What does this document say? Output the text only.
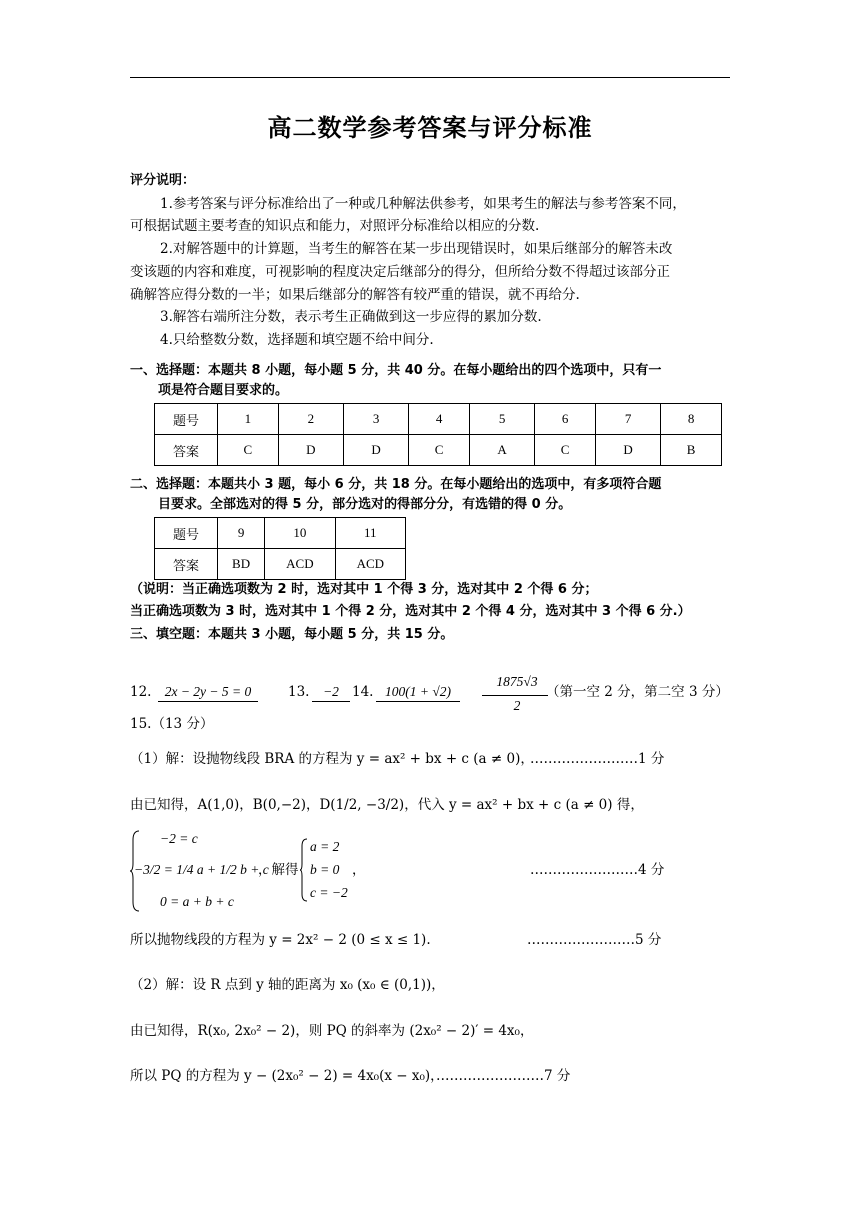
高二数学参考答案与评分标准
评分说明：
1.参考答案与评分标准给出了一种或几种解法供参考，如果考生的解法与参考答案不同，
可根据试题主要考查的知识点和能力，对照评分标准给以相应的分数.
2.对解答题中的计算题，当考生的解答在某一步出现错误时，如果后继部分的解答未改
变该题的内容和难度，可视影响的程度决定后继部分的得分，但所给分数不得超过该部分正
确解答应得分数的一半；如果后继部分的解答有较严重的错误，就不再给分.
3.解答右端所注分数，表示考生正确做到这一步应得的累加分数.
4.只给整数分数，选择题和填空题不给中间分.
一、选择题：本题共 8 小题，每小题 5 分，共 40 分。在每小题给出的四个选项中，只有一
项是符合题目要求的。
题号	1	2	3	4	5	6	7	8
答案	C	D	D	C	A	C	D	B
二、选择题：本题共小 3 题，每小 6 分，共 18 分。在每小题给出的选项中，有多项符合题
目要求。全部选对的得 5 分，部分选对的得部分分，有选错的得 0 分。
题号	9	10	11
答案	BD	ACD	ACD
（说明：当正确选项数为 2 时，选对其中 1 个得 3 分，选对其中 2 个得 6 分；
当正确选项数为 3 时，选对其中 1 个得 2 分，选对其中 2 个得 4 分，选对其中 3 个得 6 分.）
三、填空题：本题共 3 小题，每小题 5 分，共 15 分。
12. 2x − 2y − 5 = 0	13.	−2 14. 100(1 + √2)
1875√3
2
（第一空 2 分，第二空 3 分）
15.（13 分）
（1）解：设抛物线段 BRA 的方程为 y = ax² + bx + c (a ≠ 0)，
……………………1 分
由已知得，A(1,0)，B(0,−2)，D(1/2, −3/2)，代入 y = ax² + bx + c (a ≠ 0) 得，
−2 = c
−3/2 = 1/4 a + 1/2 b + c
0 = a + b + c
，解得
a = 2
b = 0 ，
c = −2
……………………4 分
所以抛物线段的方程为 y = 2x² − 2 (0 ≤ x ≤ 1).	……………………5 分
（2）解：设 R 点到 y 轴的距离为 x₀ (x₀ ∈ (0,1))，
由已知得，R(x₀, 2x₀² − 2)，则 PQ 的斜率为 (2x₀² − 2)′ = 4x₀，
所以 PQ 的方程为 y − (2x₀² − 2) = 4x₀(x − x₀)，
……………………7 分
